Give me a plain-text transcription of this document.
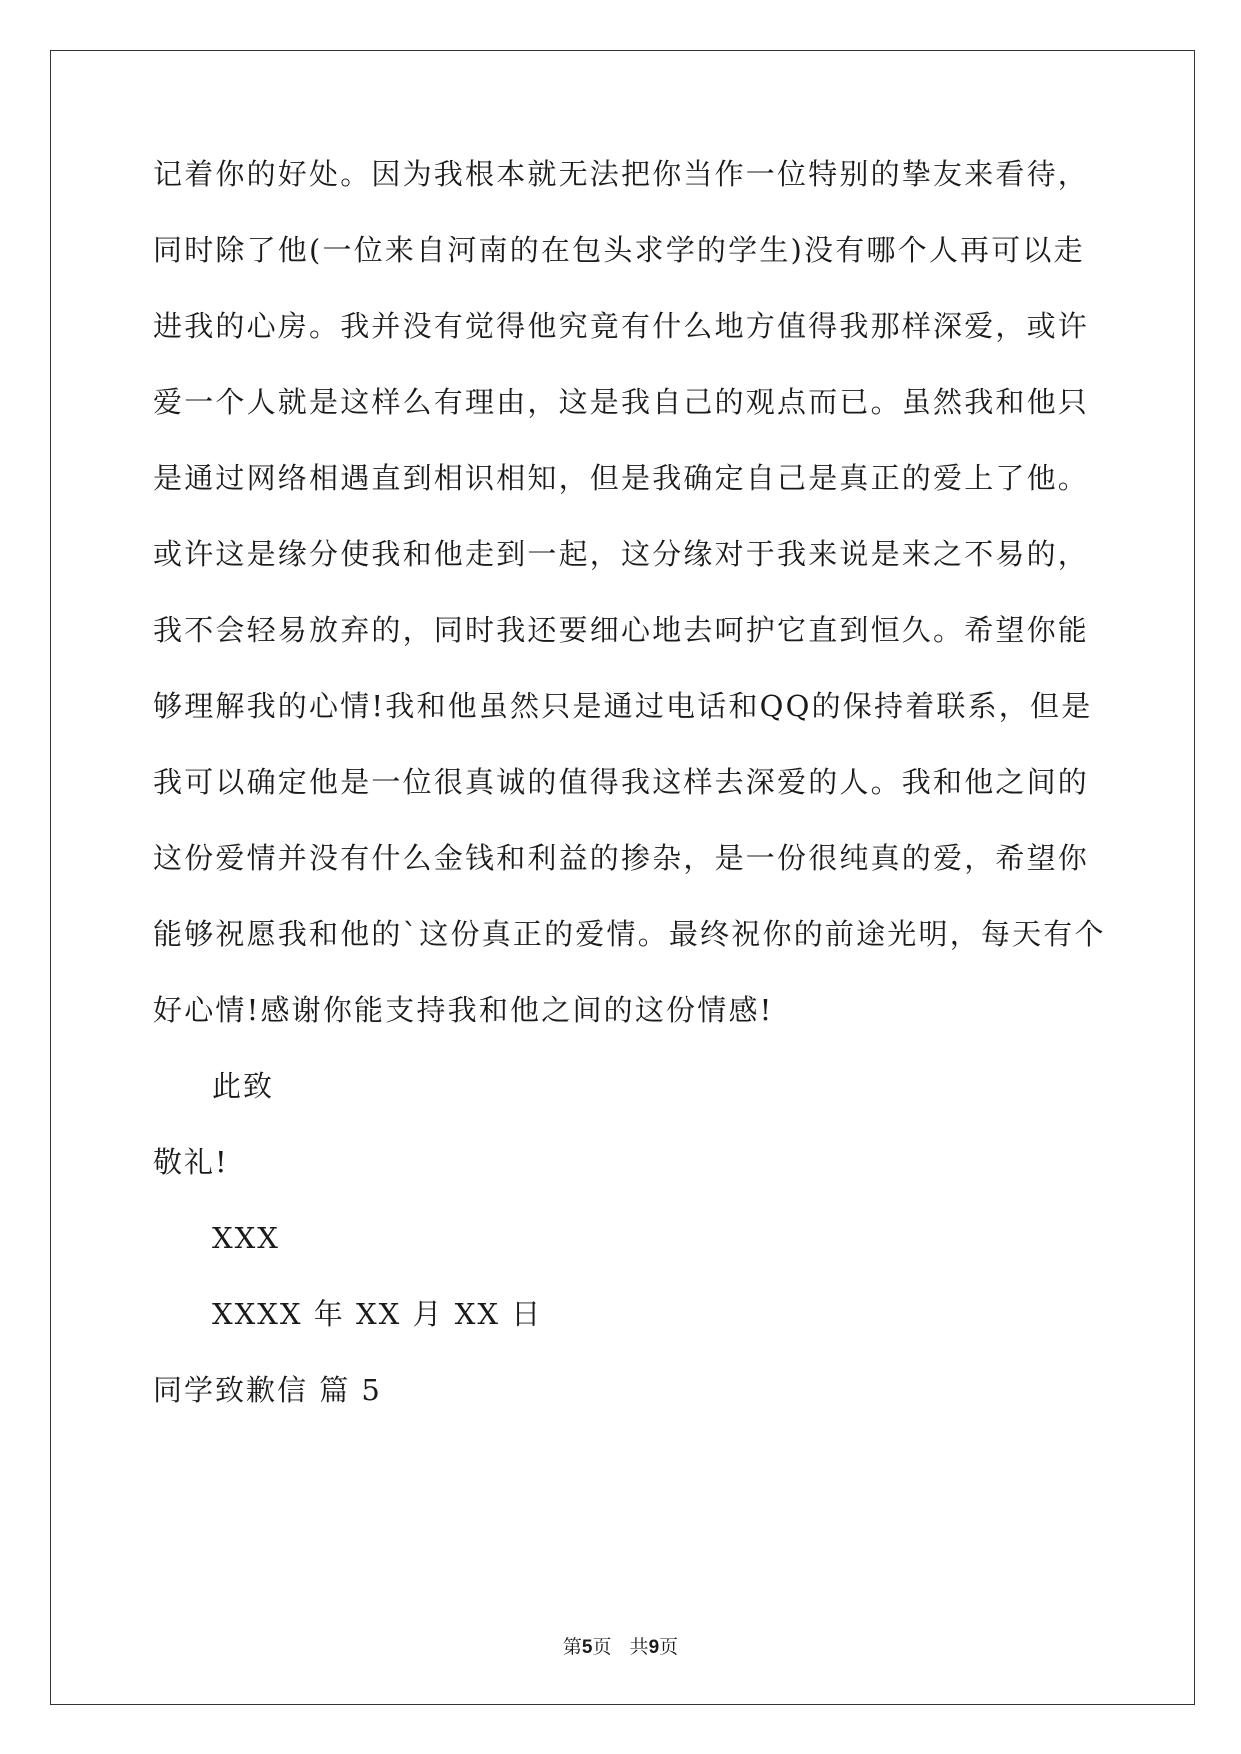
记着你的好处。因为我根本就无法把你当作一位特别的挚友来看待，
同时除了他(一位来自河南的在包头求学的学生)没有哪个人再可以走
进我的心房。我并没有觉得他究竟有什么地方值得我那样深爱，或许
爱一个人就是这样么有理由，这是我自己的观点而已。虽然我和他只
是通过网络相遇直到相识相知，但是我确定自己是真正的爱上了他。
或许这是缘分使我和他走到一起，这分缘对于我来说是来之不易的，
我不会轻易放弃的，同时我还要细心地去呵护它直到恒久。希望你能
够理解我的心情!我和他虽然只是通过电话和QQ的保持着联系，但是
我可以确定他是一位很真诚的值得我这样去深爱的人。我和他之间的
这份爱情并没有什么金钱和利益的掺杂，是一份很纯真的爱，希望你
能够祝愿我和他的`这份真正的爱情。最终祝你的前途光明，每天有个
好心情!感谢你能支持我和他之间的这份情感!
此致
敬礼!
XXX
XXXX 年 XX 月 XX 日
同学致歉信 篇 5
第5页   共9页
